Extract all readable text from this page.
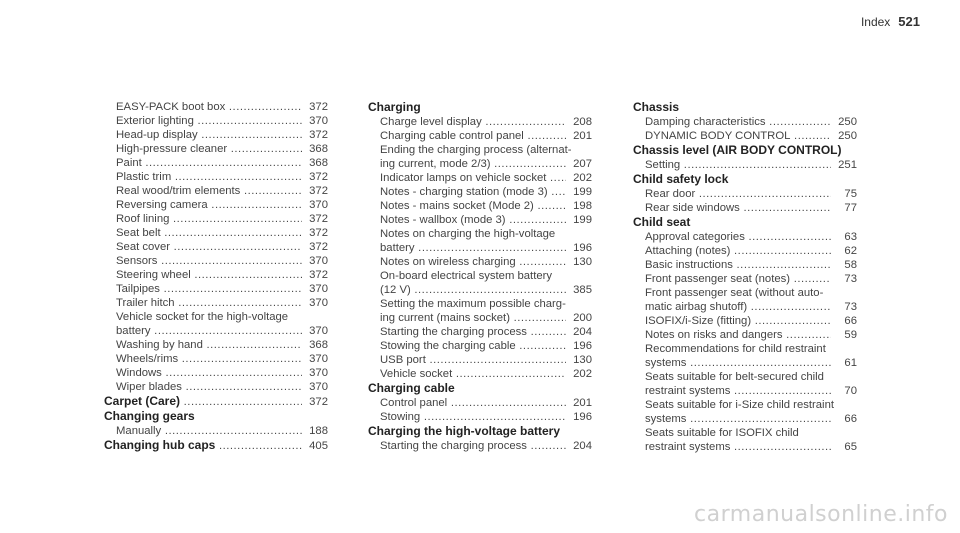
Index 521
EASY-PACK boot box .....	372
Exterior lighting .....	370
Head-up display .....	372
High-pressure cleaner .....	368
Paint .....	368
Plastic trim .....	372
Real wood/trim elements .....	372
Reversing camera .....	370
Roof lining .....	372
Seat belt .....	372
Seat cover .....	372
Sensors .....	370
Steering wheel .....	372
Tailpipes .....	370
Trailer hitch .....	370
Vehicle socket for the high-voltage
battery .....	370
Washing by hand .....	368
Wheels/rims .....	370
Windows .....	370
Wiper blades .....	370
Carpet (Care) .....	372
Changing gears
Manually .....	188
Changing hub caps .....	405
Charging
Charge level display .....	208
Charging cable control panel .....	201
Ending the charging process (alternat-
ing current, mode 2/3) .....	207
Indicator lamps on vehicle socket .....	202
Notes - charging station (mode 3) .....	199
Notes - mains socket (Mode 2) .....	198
Notes - wallbox (mode 3) .....	199
Notes on charging the high-voltage
battery .....	196
Notes on wireless charging .....	130
On-board electrical system battery
(12 V) .....	385
Setting the maximum possible charg-
ing current (mains socket) .....	200
Starting the charging process .....	204
Stowing the charging cable .....	196
USB port .....	130
Vehicle socket .....	202
Charging cable
Control panel .....	201
Stowing .....	196
Charging the high-voltage battery
Starting the charging process .....	204
Chassis
Damping characteristics .....	250
DYNAMIC BODY CONTROL .....	250
Chassis level (AIR BODY CONTROL)
Setting .....	251
Child safety lock
Rear door .....	75
Rear side windows .....	77
Child seat
Approval categories .....	63
Attaching (notes) .....	62
Basic instructions .....	58
Front passenger seat (notes) .....	73
Front passenger seat (without auto-
matic airbag shutoff) .....	73
ISOFIX/i-Size (fitting) .....	66
Notes on risks and dangers .....	59
Recommendations for child restraint
systems .....	61
Seats suitable for belt-secured child
restraint systems .....	70
Seats suitable for i-Size child restraint
systems .....	66
Seats suitable for ISOFIX child
restraint systems .....	65
carmanualsonline.info
